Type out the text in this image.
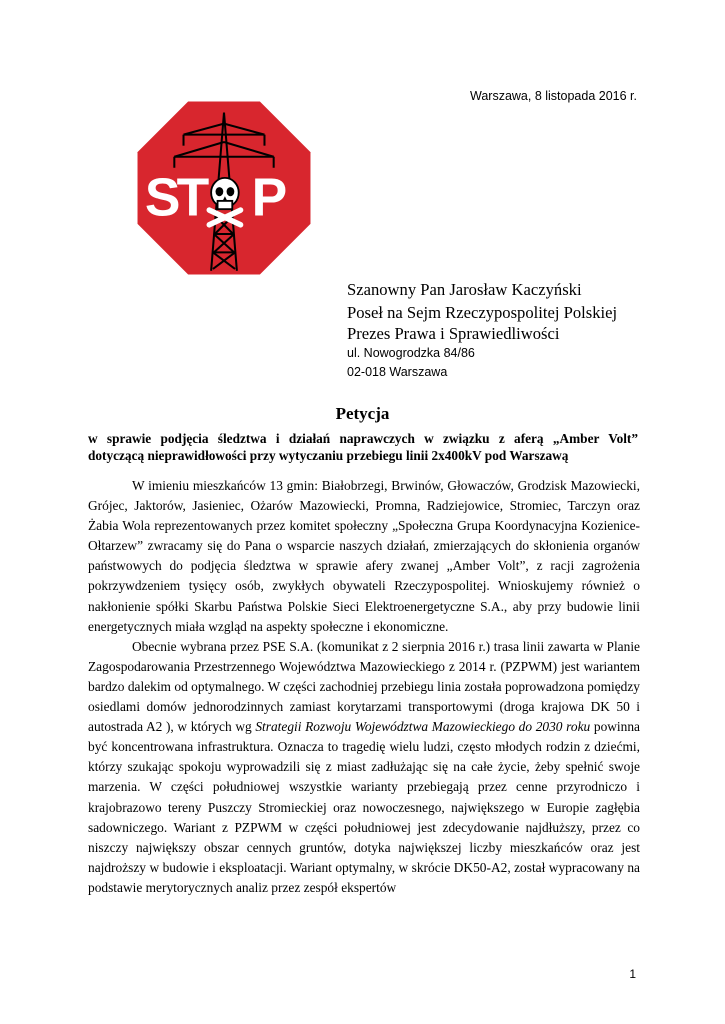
Warszawa, 8 listopada 2016 r.
ST P
Szanowny Pan Jarosław Kaczyński
Poseł na Sejm Rzeczypospolitej Polskiej
Prezes Prawa i Sprawiedliwości
ul. Nowogrodzka 84/86
02-018 Warszawa
Petycja
w sprawie podjęcia śledztwa i działań naprawczych w związku z aferą „Amber Volt”
dotyczącą nieprawidłowości przy wytyczaniu przebiegu linii 2x400kV pod Warszawą

W imieniu mieszkańców 13 gmin: Białobrzegi, Brwinów, Głowaczów, Grodzisk Mazowiecki, Grójec, Jaktorów, Jasieniec, Ożarów Mazowiecki, Promna, Radziejowice, Stromiec, Tarczyn oraz Żabia Wola reprezentowanych przez komitet społeczny „Społeczna Grupa Koordynacyjna Kozienice-Ołtarzew” zwracamy się do Pana o wsparcie naszych działań, zmierzających do skłonienia organów państwowych do podjęcia śledztwa w sprawie afery zwanej „Amber Volt”, z racji zagrożenia pokrzywdzeniem tysięcy osób, zwykłych obywateli Rzeczypospolitej. Wnioskujemy również o nakłonienie spółki Skarbu Państwa Polskie Sieci Elektroenergetyczne S.A., aby przy budowie linii energetycznych miała wzgląd na aspekty społeczne i ekonomiczne.

Obecnie wybrana przez PSE S.A. (komunikat z 2 sierpnia 2016 r.) trasa linii zawarta w Planie Zagospodarowania Przestrzennego Województwa Mazowieckiego z 2014 r. (PZPWM) jest wariantem bardzo dalekim od optymalnego. W części zachodniej przebiegu linia została poprowadzona pomiędzy osiedlami domów jednorodzinnych zamiast korytarzami transportowymi (droga krajowa DK 50 i autostrada A2 ), w których wg Strategii Rozwoju Województwa Mazowieckiego do 2030 roku powinna być koncentrowana infrastruktura. Oznacza to tragedię wielu ludzi, często młodych rodzin z dziećmi, którzy szukając spokoju wyprowadzili się z miast zadłużając się na całe życie, żeby spełnić swoje marzenia. W części południowej wszystkie warianty przebiegają przez cenne przyrodniczo i krajobrazowo tereny Puszczy Stromieckiej oraz nowoczesnego, największego w Europie zagłębia sadowniczego. Wariant z PZPWM w części południowej jest zdecydowanie najdłuższy, przez co niszczy największy obszar cennych gruntów, dotyka największej liczby mieszkańców oraz jest najdroższy w budowie i eksploatacji. Wariant optymalny, w skrócie DK50-A2, został wypracowany na podstawie merytorycznych analiz przez zespół ekspertów

1
